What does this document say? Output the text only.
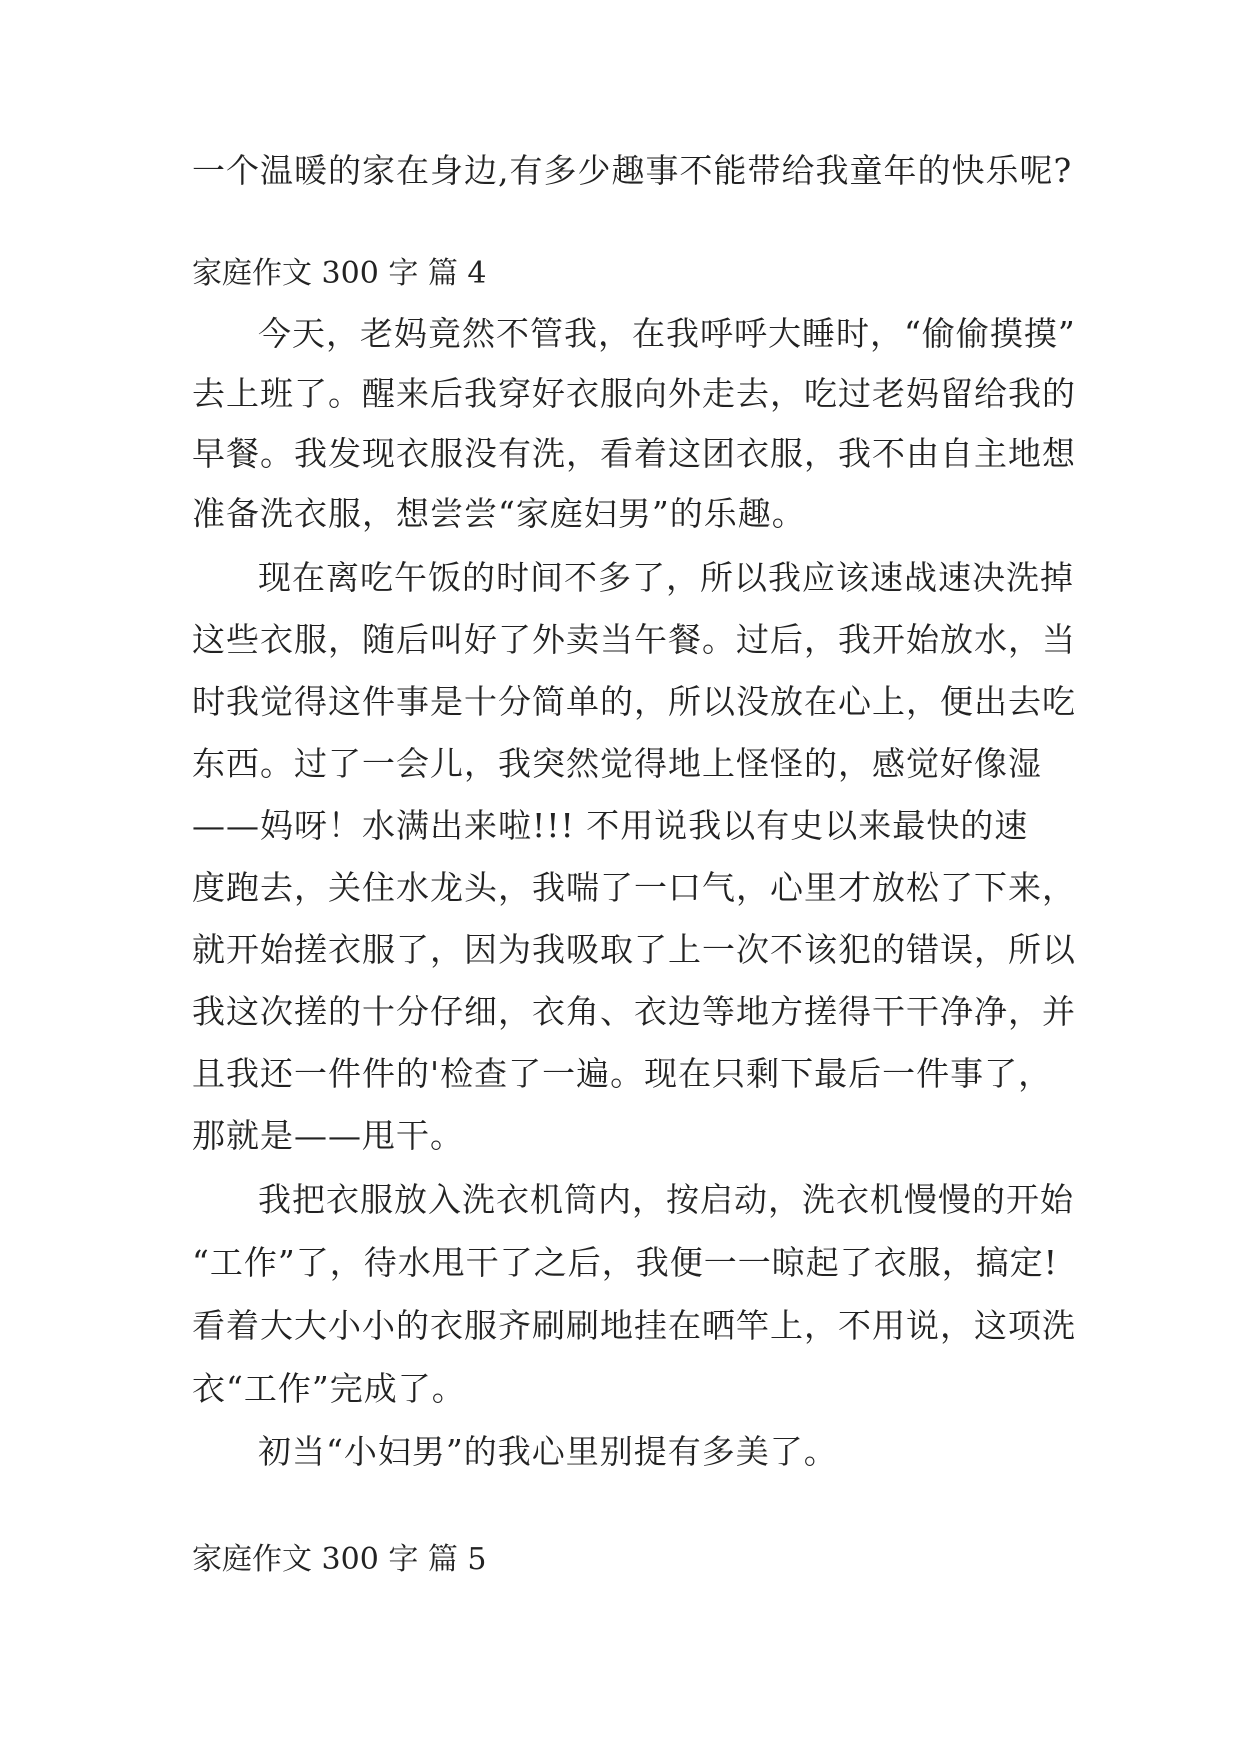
一个温暖的家在身边,有多少趣事不能带给我童年的快乐呢?
家庭作文 300 字 篇 4
今天，老妈竟然不管我，在我呼呼大睡时，“偷偷摸摸”
去上班了。醒来后我穿好衣服向外走去，吃过老妈留给我的
早餐。我发现衣服没有洗，看着这团衣服，我不由自主地想
准备洗衣服，想尝尝“家庭妇男”的乐趣。
现在离吃午饭的时间不多了，所以我应该速战速决洗掉
这些衣服，随后叫好了外卖当午餐。过后，我开始放水，当
时我觉得这件事是十分简单的，所以没放在心上，便出去吃
东西。过了一会儿，我突然觉得地上怪怪的，感觉好像湿
——妈呀！水满出来啦!!! 不用说我以有史以来最快的速
度跑去，关住水龙头，我喘了一口气，心里才放松了下来，
就开始搓衣服了，因为我吸取了上一次不该犯的错误，所以
我这次搓的十分仔细，衣角、衣边等地方搓得干干净净，并
且我还一件件的'检查了一遍。现在只剩下最后一件事了，
那就是——甩干。
我把衣服放入洗衣机筒内，按启动，洗衣机慢慢的开始
“工作”了，待水甩干了之后，我便一一晾起了衣服，搞定!
看着大大小小的衣服齐刷刷地挂在晒竿上，不用说，这项洗
衣“工作”完成了。
初当“小妇男”的我心里别提有多美了。
家庭作文 300 字 篇 5
